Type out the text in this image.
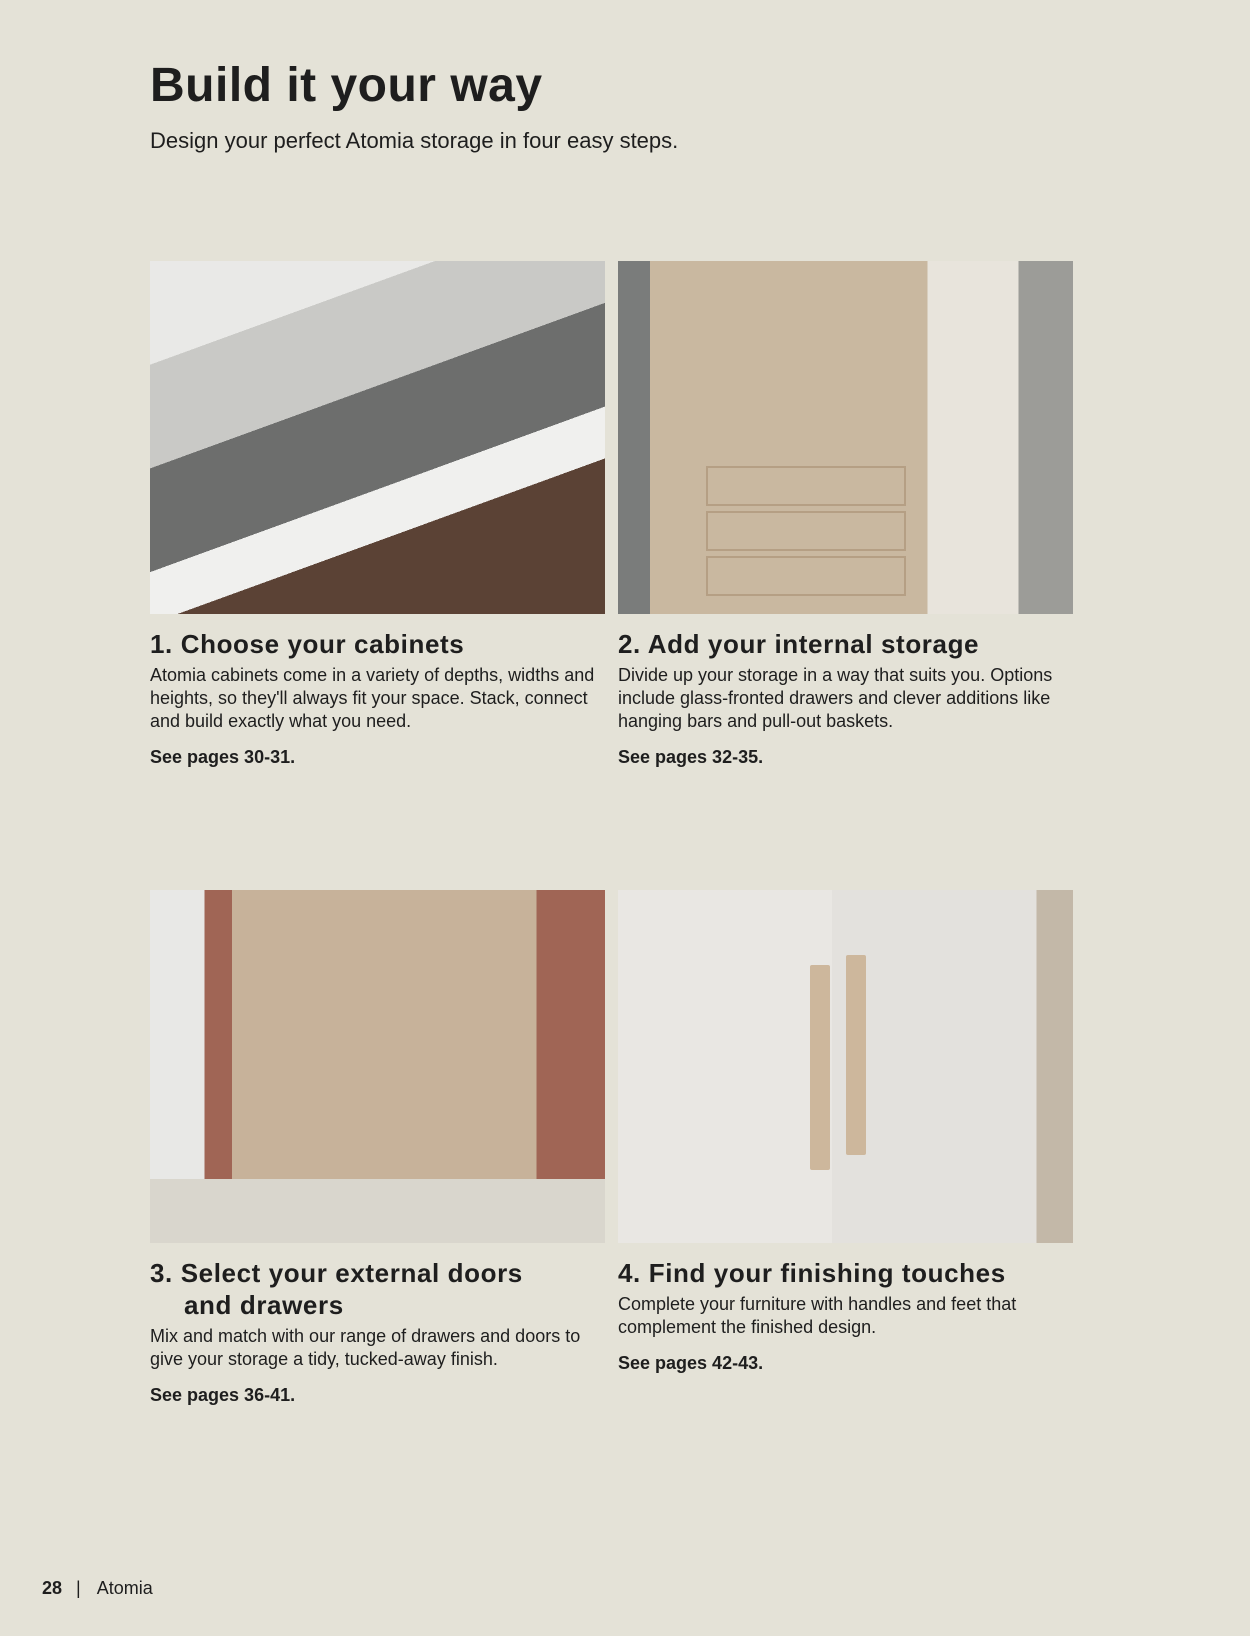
Build it your way

Design your perfect Atomia storage in four easy steps.

1. Choose your cabinets

Atomia cabinets come in a variety of depths, widths and heights, so they'll always fit your space. Stack, connect and build exactly what you need.

See pages 30-31.

2. Add your internal storage

Divide up your storage in a way that suits you. Options include glass-fronted drawers and clever additions like hanging bars and pull-out baskets.

See pages 32-35.

3. Select your external doors
and drawers

Mix and match with our range of drawers and doors to give your storage a tidy, tucked-away finish.

See pages 36-41.

4. Find your finishing touches

Complete your furniture with handles and feet that complement the finished design.

See pages 42-43.

28 | Atomia
